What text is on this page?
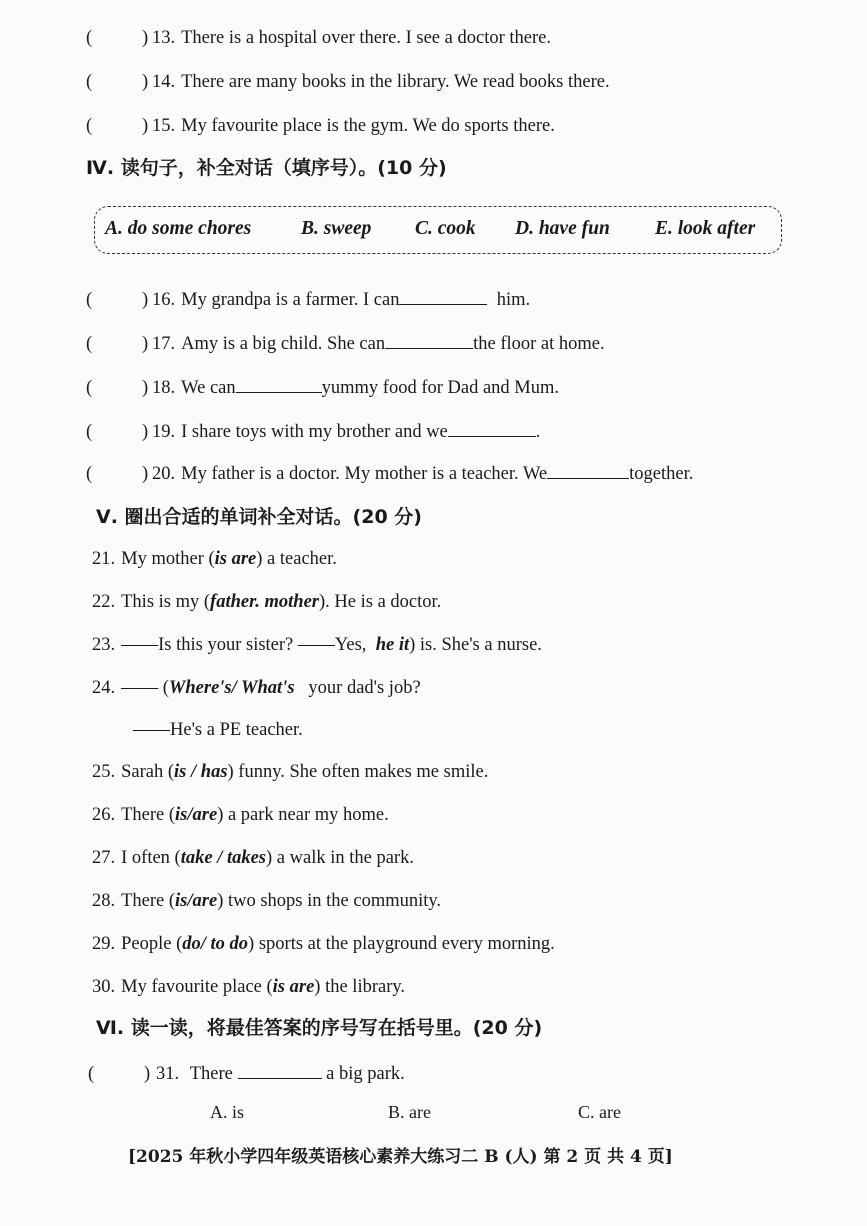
(	) 13. There is a hospital over there. I see a doctor there.
(	) 14. There are many books in the library. We read books there.
(	) 15. My favourite place is the gym. We do sports there.
Ⅳ. 读句子，补全对话（填序号）。(10 分)
A. do some chores	B. sweep C. cook D. have fun E. look after
(	) 16. My grandpa is a farmer. I can	him.
(	) 17. Amy is a big child. She can	the floor at home.
(	) 18. We can	yummy food for Dad and Mum.
(	) 19. I share toys with my brother and we	.
(	) 20. My father is a doctor. My mother is a teacher. We	together.
Ⅴ. 圈出合适的单词补全对话。(20 分)
21. My mother (is are) a teacher.
22. This is my (father. mother). He is a doctor.
23. ——Is this your sister? ——Yes, he it) is. She's a nurse.
24. —— (Where's/ What's your dad's job?
——He's a PE teacher.
25. Sarah (is / has) funny. She often makes me smile.
26. There (is/are) a park near my home.
27. I often (take / takes) a walk in the park.
28. There (is/are) two shops in the community.
29. People (do/ to do) sports at the playground every morning.
30. My favourite place (is are) the library.
Ⅵ. 读一读，将最佳答案的序号写在括号里。(20 分)
(	) 31. There	a big park.
A. is	B. are	C. are
[2025 年秋小学四年级英语核心素养大练习二 B (人) 第 2 页 共 4 页]
